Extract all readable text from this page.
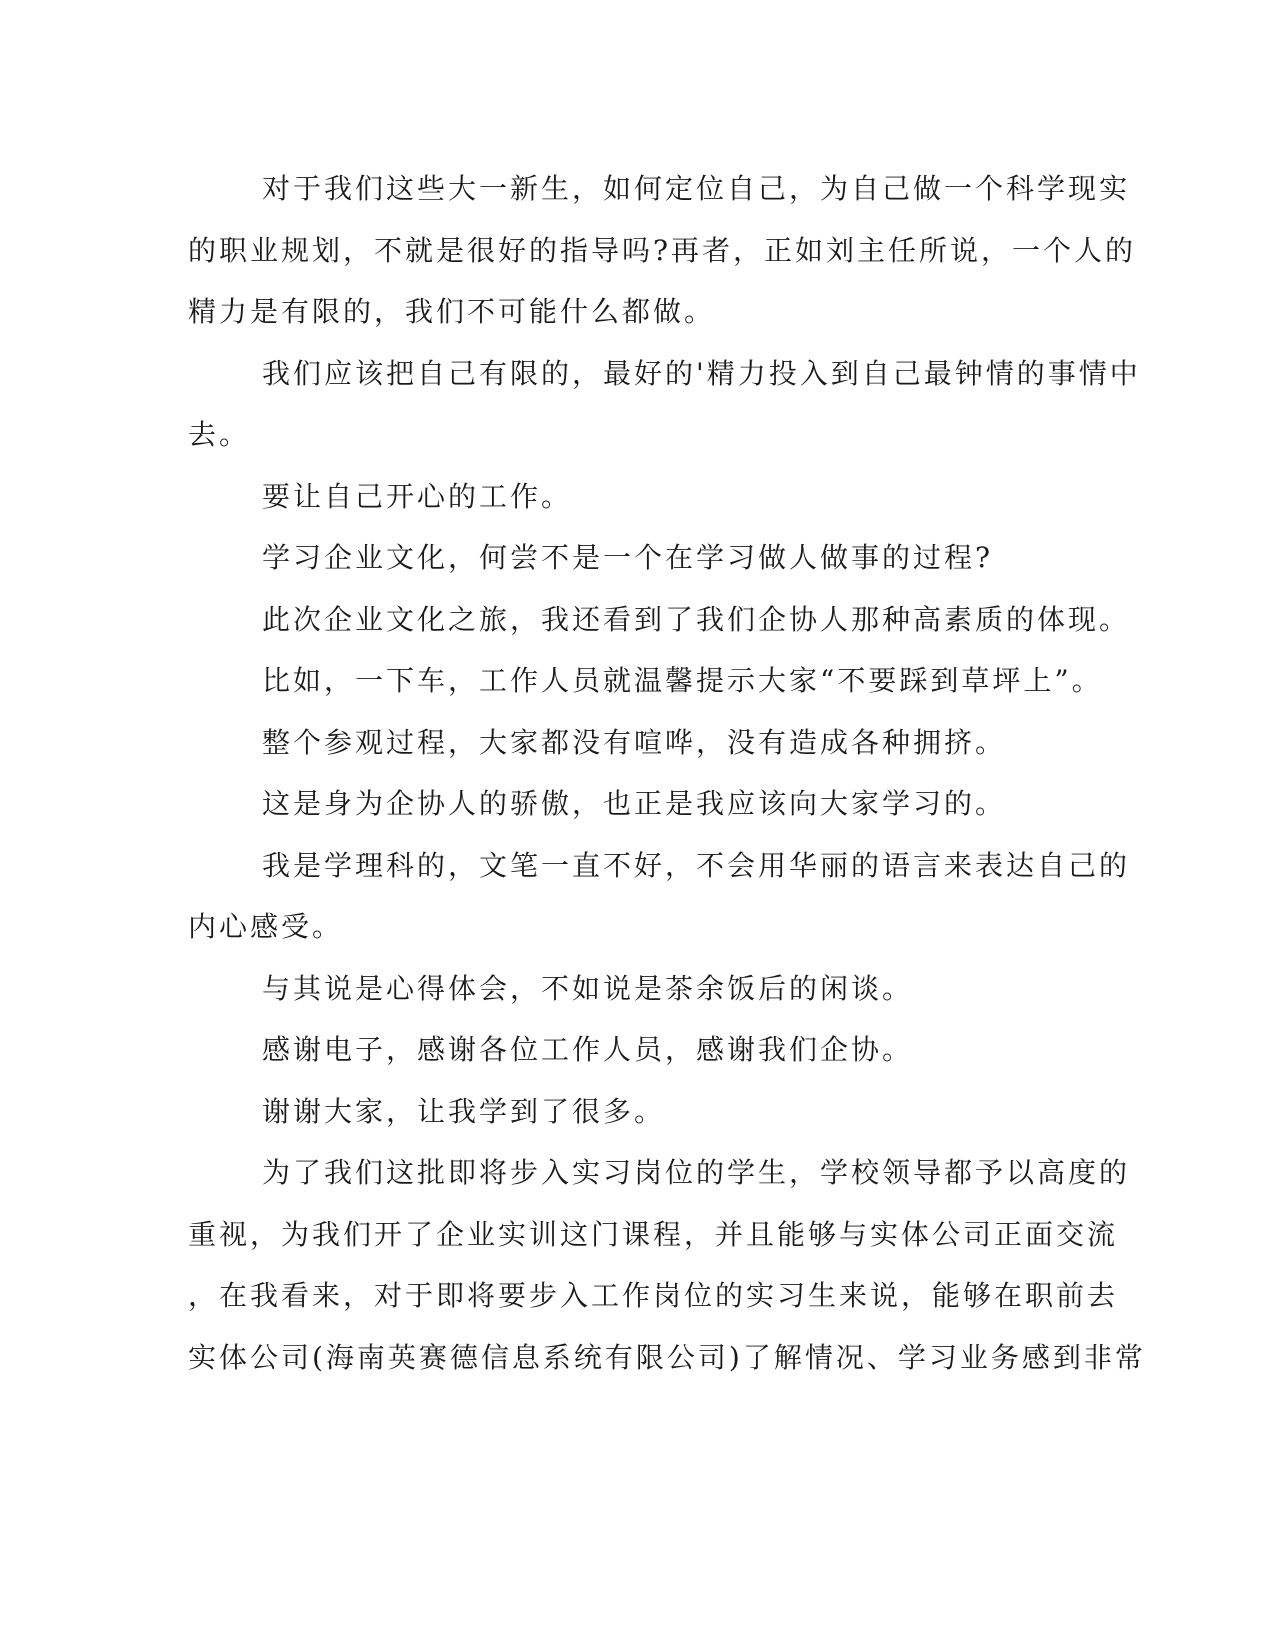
对于我们这些大一新生，如何定位自己，为自己做一个科学现实
的职业规划，不就是很好的指导吗?再者，正如刘主任所说，一个人的
精力是有限的，我们不可能什么都做。
我们应该把自己有限的，最好的'精力投入到自己最钟情的事情中
去。
要让自己开心的工作。
学习企业文化，何尝不是一个在学习做人做事的过程?
此次企业文化之旅，我还看到了我们企协人那种高素质的体现。
比如，一下车，工作人员就温馨提示大家“不要踩到草坪上”。
整个参观过程，大家都没有喧哗，没有造成各种拥挤。
这是身为企协人的骄傲，也正是我应该向大家学习的。
我是学理科的，文笔一直不好，不会用华丽的语言来表达自己的
内心感受。
与其说是心得体会，不如说是茶余饭后的闲谈。
感谢电子，感谢各位工作人员，感谢我们企协。
谢谢大家，让我学到了很多。
为了我们这批即将步入实习岗位的学生，学校领导都予以高度的
重视，为我们开了企业实训这门课程，并且能够与实体公司正面交流
，在我看来，对于即将要步入工作岗位的实习生来说，能够在职前去
实体公司(海南英赛德信息系统有限公司)了解情况、学习业务感到非常
